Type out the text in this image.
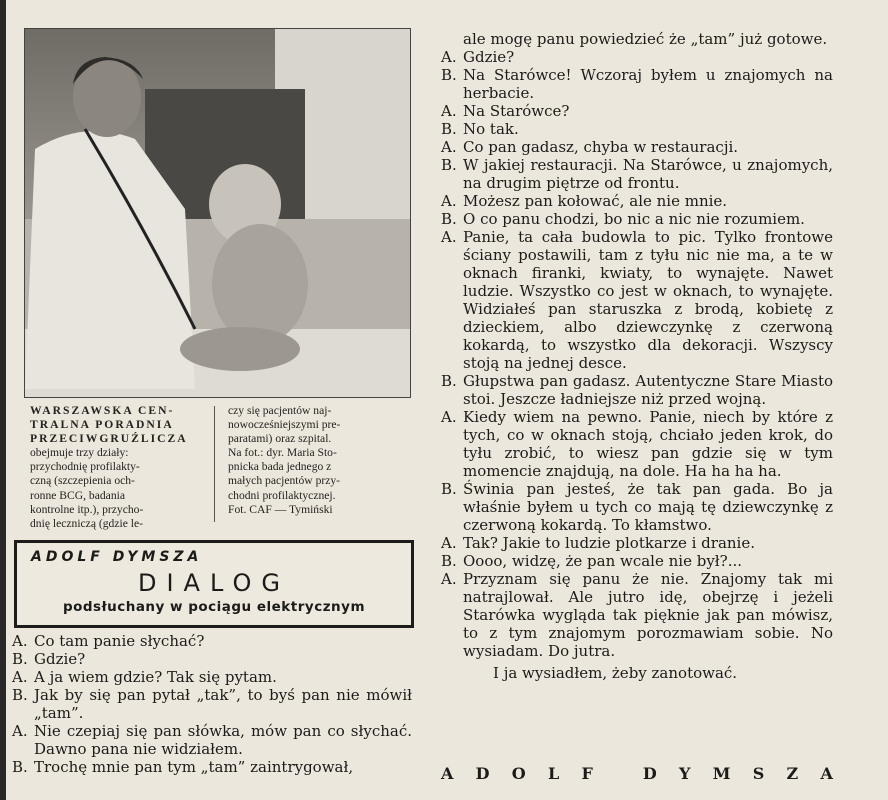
WARSZAWSKA CEN-
TRALNA PORADNIA
PRZECIWGRUŹLICZA
obejmuje trzy działy:
przychodnię profilakty-
czną (szczepienia och-
ronne BCG, badania
kontrolne itp.), przycho-
dnię leczniczą (gdzie le-
czy się pacjentów naj-
nowocześniejszymi pre-
paratami) oraz szpital.
Na fot.: dyr. Maria Sto-
pnicka bada jednego z
małych pacjentów przy-
chodni profilaktycznej.
Fot. CAF — Tymiński
ADOLF DYMSZA
DIALOG
podsłuchany w pociągu elektrycznym
A. Co tam panie słychać?
B. Gdzie?
A. A ja wiem gdzie? Tak się pytam.
B. Jak by się pan pytał „tak”, to byś pan nie mówił „tam”.
A. Nie czepiaj się pan słówka, mów pan co słychać. Dawno pana nie widziałem.
B. Trochę mnie pan tym „tam” zaintrygował,
ale mogę panu powiedzieć że „tam” już gotowe.
A. Gdzie?
B. Na Starówce! Wczoraj byłem u znajomych na herbacie.
A. Na Starówce?
B. No tak.
A. Co pan gadasz, chyba w restauracji.
B. W jakiej restauracji. Na Starówce, u znajomych, na drugim piętrze od frontu.
A. Możesz pan kołować, ale nie mnie.
B. O co panu chodzi, bo nic a nic nie rozumiem.
A. Panie, ta cała budowla to pic. Tylko frontowe ściany postawili, tam z tyłu nic nie ma, a te w oknach firanki, kwiaty, to wynajęte. Nawet ludzie. Wszystko co jest w oknach, to wynajęte. Widziałeś pan staruszka z brodą, kobietę z dzieckiem, albo dziewczynkę z czerwoną kokardą, to wszystko dla dekoracji. Wszyscy stoją na jednej desce.
B. Głupstwa pan gadasz. Autentyczne Stare Miasto stoi. Jeszcze ładniejsze niż przed wojną.
A. Kiedy wiem na pewno. Panie, niech by które z tych, co w oknach stoją, chciało jeden krok, do tyłu zrobić, to wiesz pan gdzie się w tym momencie znajdują, na dole. Ha ha ha ha.
B. Świnia pan jesteś, że tak pan gada. Bo ja właśnie byłem u tych co mają tę dziewczynkę z czerwoną kokardą. To kłamstwo.
A. Tak? Jakie to ludzie plotkarze i dranie.
B. Oooo, widzę, że pan wcale nie był?...
A. Przyznam się panu że nie. Znajomy tak mi natrajlował. Ale jutro idę, obejrzę i jeżeli Starówka wygląda tak pięknie jak pan mówisz, to z tym znajomym porozmawiam sobie. No wysiadam. Do jutra.
I ja wysiadłem, żeby zanotować.
A D O L F
	D Y M S Z A
